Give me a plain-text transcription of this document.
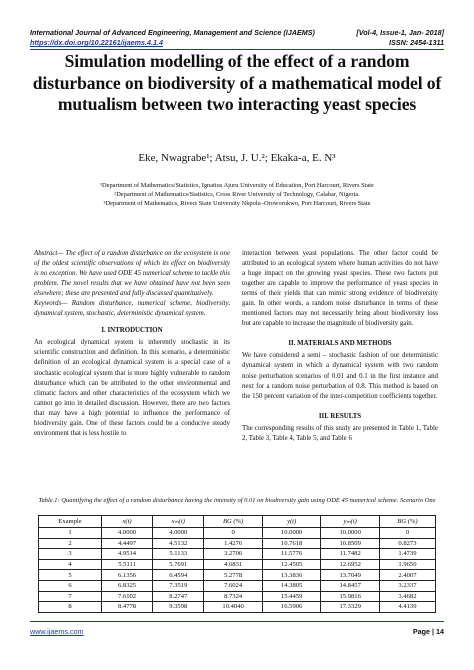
International Journal of Advanced Engineering, Management and Science (IJAEMS)	[Vol-4, Issue-1, Jan- 2018]
https://dx.doi.org/10.22161/ijaems.4.1.4	ISSN: 2454-1311
Simulation modelling of the effect of a random disturbance on biodiversity of a mathematical model of mutualism between two interacting yeast species
Eke, Nwagrabe¹; Atsu, J. U.²; Ekaka-a, E. N³
¹Department of Mathematics/Statistics, Ignatius Ajuru University of Education, Port Harcourt, Rivers State
²Department of Mathematics/Statistics, Cross River University of Technology, Calabar, Nigeria.
³Department of Mathematics, Rivers State University Nkpolu–Oroworukwo, Port Harcourt, Rivers State

Abstract— The effect of a random disturbance on the ecosystem is one of the oldest scientific observations of which its effect on biodiversity is no exception. We have used ODE 45 numerical scheme to tackle this problem. The novel results that we have obtained have not been seen elsewhere; these are presented and fully discussed quantitatively.

Keywords— Random disturbance, numerical scheme, biodiversity, dynamical system, stochastic, deterministic dynamical system.

I. INTRODUCTION

An ecological dynamical system is inherently stochastic in its scientific construction and definition. In this scenario, a deterministic definition of an ecological dynamical system is a special case of a stochastic ecological system that is more highly vulnerable to random disturbance which can be attributed to the other environmental and climatic factors and other characteristics of the ecosystem which we cannot go into in detailed discussion. However, there are two factors that may have a high potential to influence the performance of biodiversity gain. One of these factors could be a conducive steady environment that is less hostile to

interaction between yeast populations. The other factor could be attributed to an ecological system where human activities do not have a huge impact on the growing yeast species. These two factors put together are capable to improve the performance of yeast species in terms of their yields that can mimic strong evidence of biodiversity gain. In other words, a random noise disturbance in terms of these mentioned factors may not necessarily bring about biodiversity loss but are capable to increase the magnitude of biodiversity gain.

II. MATERIALS AND METHODS

We have considered a semi – stochastic fashion of our deterministic dynamical system in which a dynamical system with two random noise perturbation scenarios of 0.01 and 0.1 in the first instance and next for a random noise perturbation of 0.8. This method is based on the 150 percent variation of the inter-competition coefficients together.

III. RESULTS

The corresponding results of this study are presented in Table 1, Table 2, Table 3, Table 4, Table 5, and Table 6

Table.1: Quantifying the effect of a random disturbance having the intensity of 0.01 on biodiversity gain using ODE 45 numerical scheme. Scenario One
Example	x(t)	xₘ(t)	BG (%)	y(t)	yₘ(t)	BG (%)
1	4.0000	4.0000	0	10.0000	10.0000	0
2	4.4497	4.5132	1.4276	10.7618	10.8509	0.8273
3	4.9514	5.1133	3.2706	11.5776	11.7482	1.4739
4	5.5111	5.7691	4.6831	12.4505	12.6952	1.9650
5	6.1356	6.4594	5.2778	13.3836	13.7049	2.4007
6	6.8325	7.3519	7.6024	14.3805	14.8457	3.2337
7	7.6102	8.2747	8.7324	15.4459	15.9816	3.4682
8	8.4778	9.3598	10.4040	16.5906	17.3329	4.4139
www.ijaems.com	Page | 14
